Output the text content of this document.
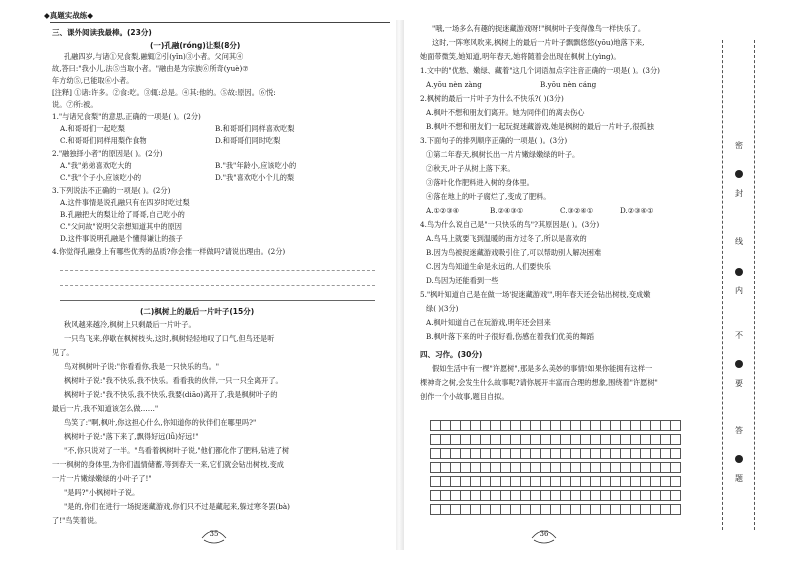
◆真题实战练◆
三、课外阅读我最棒。(23分)
(一)孔融(róng)让梨(8分)
孔融四岁,与诸①兄食梨,融辄②引(yǐn)③小者。父问其④
故,答曰:"我小儿,法⑤当取小者。"融由是为宗族⑥所奇(yuè)⑦
年方幼⑤,已能取⑥小者。
[注释] ①诸:许多。②食:吃。③辄:总是。④其:他的。⑤故:原因。⑥悦:
说。⑦所:被。
1."与诸兄食梨"的意思,正确的一项是( )。(2分)
A.和哥哥们一起吃梨	B.和哥哥们同样喜欢吃梨
C.和哥哥们同样用梨作食物	D.和哥哥们同时吃梨
2."融独择小者"的原因是( )。(2分)
A."我"弟弟喜欢吃大的	B."我"年龄小,应该吃小的
C."我"个子小,应该吃小的	D."我"喜欢吃小个儿的梨
3.下列说法不正确的一项是( )。(2分)
A.这件事情是说孔融只有在四岁时吃过梨
B.孔融把大的梨让给了哥哥,自己吃小的
C."父问故"说明父亲想知道其中的原因
D.这件事说明孔融是个懂得谦让的孩子
4.你觉得孔融身上有哪些优秀的品质?你会推一样做吗?请说出理由。(2分)
(二)枫树上的最后一片叶子(15分)
秋风越来越冷,枫树上只剩最后一片叶子。
一只鸟飞来,停歇在枫树枝头,这时,枫树轻轻地叹了口气,但鸟还是听
见了。
鸟对枫树叶子说:"你看看你,我是一只快乐的鸟。"
枫树叶子说:"我不快乐,我不快乐。看看我的伙伴,一只一只全离开了。
枫树叶子说:"我不快乐,我不快乐,我要(diāo)离开了,我是枫树叶子的
最后一片,我不知道该怎么做……"
鸟笑了:"啊,枫叶,你这担心什么,你知道你的伙伴们在哪里吗?"
枫树叶子说:"落下来了,飘得好远(lǚ)好远!"
"不,你只说对了一半。"鸟看着枫树叶子说,"他们都化作了肥料,钻进了树
一一枫树的身体里,为你们温情储蓄,等到春天一来,它们就会钻出树枝,变成
一片一片嫩绿嫩绿的小叶子了!"
"是吗?"小枫树叶子说。
"是的,你们在进行一场捉迷藏游戏,你们只不过是藏起来,躲过寒冬罢(bà)
了!"鸟笑着说。
35
"哦,一场多么有趣的捉迷藏游戏呀!"枫树叶子变得像鸟一样快乐了。
这时,一阵寒风吹来,枫树上的最后一片叶子飘飘悠悠(yōu)地落下来,
她面带微笑,她知道,明年春天,她将随着会出现在枫树上(yìng)。
1.文中的"优愁、嫩绿、藏着"这几个词语加点字注音正确的一项是( )。(3分)
A.yōu nèn zàng	B.yōu nèn cáng
2.枫树的最后一片叶子为什么不快乐?( )(3分)
A.枫叶不想和朋友们离开。她为同伴们的离去伤心
B.枫叶不想和朋友们一起玩捉迷藏游戏,她是枫树的最后一片叶子,很孤独
3.下面句子的排列顺序正确的一项是( )。(3分)
①第二年春天,枫树长出一片片嫩绿嫩绿的叶子。
②秋天,叶子从树上落下来。
③落叶化作肥料进入树的身体里。
④落在地上的叶子腐烂了,变成了肥料。
A.①②③④	B.②④③①	C.③②④①	D.②③④①
4.鸟为什么说自己是"一只快乐的鸟"?其原因是( )。(3分)
A.鸟马上就要飞到温暖的南方过冬了,所以是喜欢的
B.因为鸟被捉迷藏游戏吸引住了,可以帮助别人解决困难
C.因为鸟知道生命是永远的,人们要快乐
D.鸟因为还能看到一些
5."枫叶知道自己是在做一场'捉迷藏游戏'",明年春天还会钻出树枝,变成嫩
绿( )(3分)
A.枫叶知道自己在玩游戏,明年还会回来
B.枫叶落下来的叶子很好看,伤感在着我们优美的舞蹈
四、习作。(30分)
假如生活中有一棵"许愿树",那是多么美妙的事情!如果你能拥有这样一
棵神奇之树,会发生什么故事呢?请你展开丰富而合理的想象,围绕着"许愿树"
创作一个小故事,题目自拟。
36
密
封
线
内
不
要
答
题
